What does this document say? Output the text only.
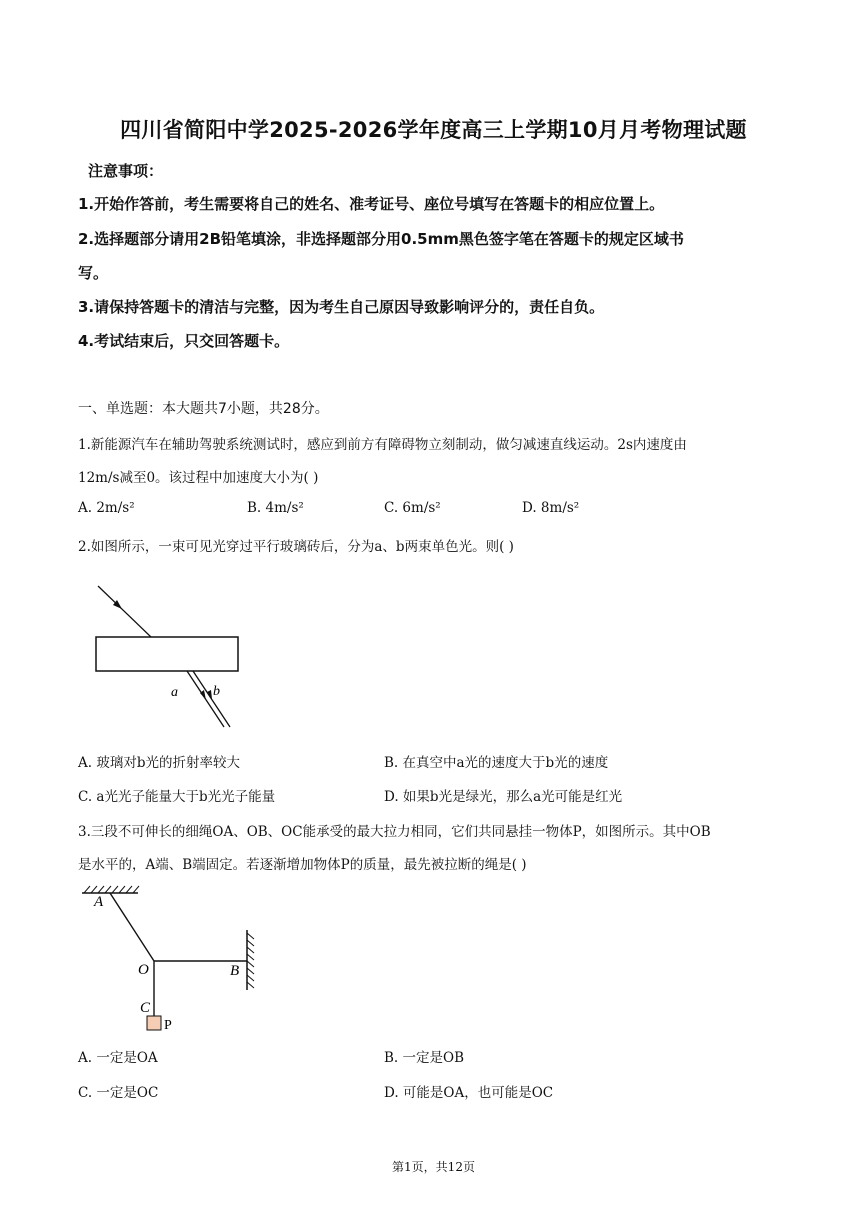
四川省简阳中学2025-2026学年度高三上学期10月月考物理试题
注意事项：
1.开始作答前，考生需要将自己的姓名、准考证号、座位号填写在答题卡的相应位置上。
2.选择题部分请用2B铅笔填涂，非选择题部分用0.5mm黑色签字笔在答题卡的规定区域书
写。
3.请保持答题卡的清洁与完整，因为考生自己原因导致影响评分的，责任自负。
4.考试结束后，只交回答题卡。
一、单选题：本大题共7小题，共28分。
1.新能源汽车在辅助驾驶系统测试时，感应到前方有障碍物立刻制动，做匀减速直线运动。2s内速度由
12m/s减至0。该过程中加速度大小为( )
A. 2m/s²	B. 4m/s²	C. 6m/s²	D. 8m/s²
2.如图所示，一束可见光穿过平行玻璃砖后，分为a、b两束单色光。则( )
a	b
A. 玻璃对b光的折射率较大	B. 在真空中a光的速度大于b光的速度
C. a光光子能量大于b光光子能量	D. 如果b光是绿光，那么a光可能是红光
3.三段不可伸长的细绳OA、OB、OC能承受的最大拉力相同，它们共同悬挂一物体P，如图所示。其中OB
是水平的，A端、B端固定。若逐渐增加物体P的质量，最先被拉断的绳是( )
A
O	B
C
P
A. 一定是OA	B. 一定是OB
C. 一定是OC	D. 可能是OA，也可能是OC
第1页，共12页
